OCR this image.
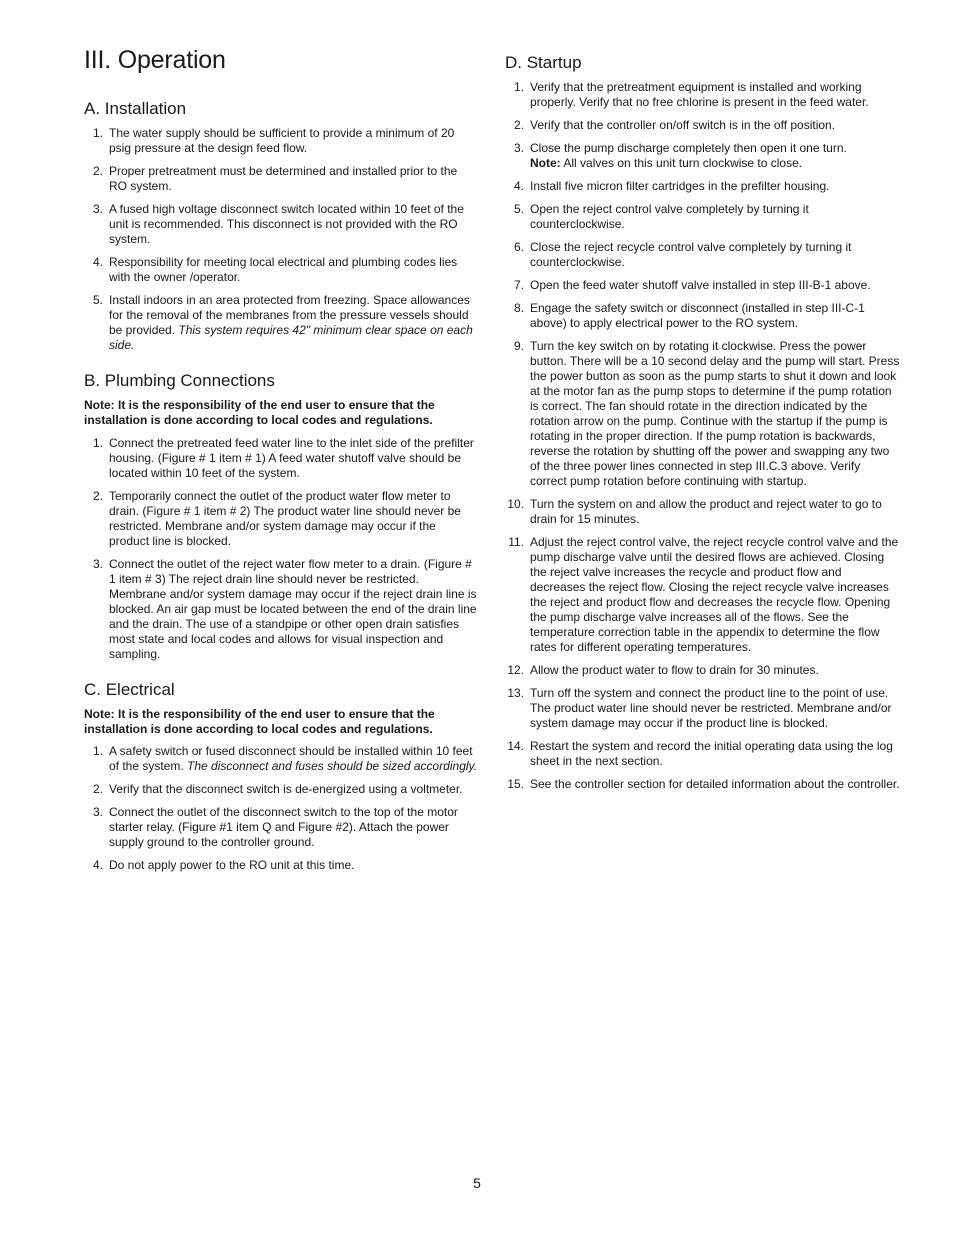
III. Operation
A. Installation
1. The water supply should be sufficient to provide a minimum of 20 psig pressure at the design feed flow.
2. Proper pretreatment must be determined and installed prior to the RO system.
3. A fused high voltage disconnect switch located within 10 feet of the unit is recommended. This disconnect is not provided with the RO system.
4. Responsibility for meeting local electrical and plumbing codes lies with the owner /operator.
5. Install indoors in an area protected from freezing. Space allowances for the removal of the membranes from the pressure vessels should be provided. This system requires 42" minimum clear space on each side.
B. Plumbing Connections

Note: It is the responsibility of the end user to ensure that the installation is done according to local codes and regulations.

1. Connect the pretreated feed water line to the inlet side of the prefilter housing. (Figure # 1 item # 1) A feed water shutoff valve should be located within 10 feet of the system.
2. Temporarily connect the outlet of the product water flow meter to drain. (Figure # 1 item # 2) The product water line should never be restricted. Membrane and/or system damage may occur if the product line is blocked.
3. Connect the outlet of the reject water flow meter to a drain. (Figure # 1 item # 3) The reject drain line should never be restricted. Membrane and/or system damage may occur if the reject drain line is blocked. An air gap must be located between the end of the drain line and the drain. The use of a standpipe or other open drain satisfies most state and local codes and allows for visual inspection and sampling.
C. Electrical

Note: It is the responsibility of the end user to ensure that the installation is done according to local codes and regulations.

1. A safety switch or fused disconnect should be installed within 10 feet of the system. The disconnect and fuses should be sized accordingly.
2. Verify that the disconnect switch is de-energized using a voltmeter.
3. Connect the outlet of the disconnect switch to the top of the motor starter relay. (Figure #1 item Q and Figure #2). Attach the power supply ground to the controller ground.
4. Do not apply power to the RO unit at this time.
D. Startup
1. Verify that the pretreatment equipment is installed and working properly. Verify that no free chlorine is present in the feed water.
2. Verify that the controller on/off switch is in the off position.
3. Close the pump discharge completely then open it one turn.
Note: All valves on this unit turn clockwise to close.
4. Install five micron filter cartridges in the prefilter housing.
5. Open the reject control valve completely by turning it counterclockwise.
6. Close the reject recycle control valve completely by turning it counterclockwise.
7. Open the feed water shutoff valve installed in step III-B-1 above.
8. Engage the safety switch or disconnect (installed in step III-C-1 above) to apply electrical power to the RO system.
9. Turn the key switch on by rotating it clockwise. Press the power button. There will be a 10 second delay and the pump will start. Press the power button as soon as the pump starts to shut it down and look at the motor fan as the pump stops to determine if the pump rotation is correct. The fan should rotate in the direction indicated by the rotation arrow on the pump. Continue with the startup if the pump is rotating in the proper direction. If the pump rotation is backwards, reverse the rotation by shutting off the power and swapping any two of the three power lines connected in step III.C.3 above. Verify correct pump rotation before continuing with startup.
10. Turn the system on and allow the product and reject water to go to drain for 15 minutes.
11. Adjust the reject control valve, the reject recycle control valve and the pump discharge valve until the desired flows are achieved. Closing the reject valve increases the recycle and product flow and decreases the reject flow. Closing the reject recycle valve increases the reject and product flow and decreases the recycle flow. Opening the pump discharge valve increases all of the flows. See the temperature correction table in the appendix to determine the flow rates for different operating temperatures.
12. Allow the product water to flow to drain for 30 minutes.
13. Turn off the system and connect the product line to the point of use. The product water line should never be restricted. Membrane and/or system damage may occur if the product line is blocked.
14. Restart the system and record the initial operating data using the log sheet in the next section.
15. See the controller section for detailed information about the controller.
5
